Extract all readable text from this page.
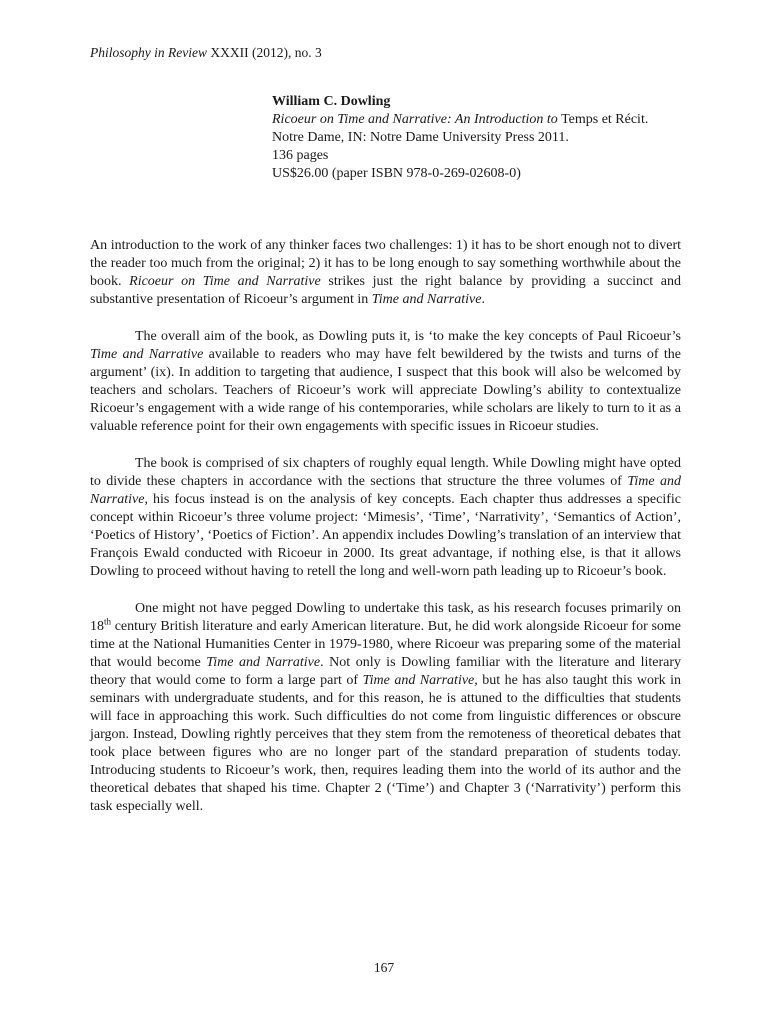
Philosophy in Review XXXII (2012), no. 3
William C. Dowling
Ricoeur on Time and Narrative: An Introduction to Temps et Récit.
Notre Dame, IN: Notre Dame University Press 2011.
136 pages
US$26.00 (paper ISBN 978-0-269-02608-0)

An introduction to the work of any thinker faces two challenges: 1) it has to be short enough not to divert the reader too much from the original; 2) it has to be long enough to say something worthwhile about the book. Ricoeur on Time and Narrative strikes just the right balance by providing a succinct and substantive presentation of Ricoeur’s argument in Time and Narrative.

The overall aim of the book, as Dowling puts it, is ‘to make the key concepts of Paul Ricoeur’s Time and Narrative available to readers who may have felt bewildered by the twists and turns of the argument’ (ix). In addition to targeting that audience, I suspect that this book will also be welcomed by teachers and scholars. Teachers of Ricoeur’s work will appreciate Dowling’s ability to contextualize Ricoeur’s engagement with a wide range of his contemporaries, while scholars are likely to turn to it as a valuable reference point for their own engagements with specific issues in Ricoeur studies.

The book is comprised of six chapters of roughly equal length. While Dowling might have opted to divide these chapters in accordance with the sections that structure the three volumes of Time and Narrative, his focus instead is on the analysis of key concepts. Each chapter thus addresses a specific concept within Ricoeur’s three volume project: ‘Mimesis’, ‘Time’, ‘Narrativity’, ‘Semantics of Action’, ‘Poetics of History’, ‘Poetics of Fiction’. An appendix includes Dowling’s translation of an interview that François Ewald conducted with Ricoeur in 2000. Its great advantage, if nothing else, is that it allows Dowling to proceed without having to retell the long and well-worn path leading up to Ricoeur’s book.

One might not have pegged Dowling to undertake this task, as his research focuses primarily on 18th century British literature and early American literature. But, he did work alongside Ricoeur for some time at the National Humanities Center in 1979-1980, where Ricoeur was preparing some of the material that would become Time and Narrative. Not only is Dowling familiar with the literature and literary theory that would come to form a large part of Time and Narrative, but he has also taught this work in seminars with undergraduate students, and for this reason, he is attuned to the difficulties that students will face in approaching this work. Such difficulties do not come from linguistic differences or obscure jargon. Instead, Dowling rightly perceives that they stem from the remoteness of theoretical debates that took place between figures who are no longer part of the standard preparation of students today. Introducing students to Ricoeur’s work, then, requires leading them into the world of its author and the theoretical debates that shaped his time. Chapter 2 (‘Time’) and Chapter 3 (‘Narrativity’) perform this task especially well.

167
